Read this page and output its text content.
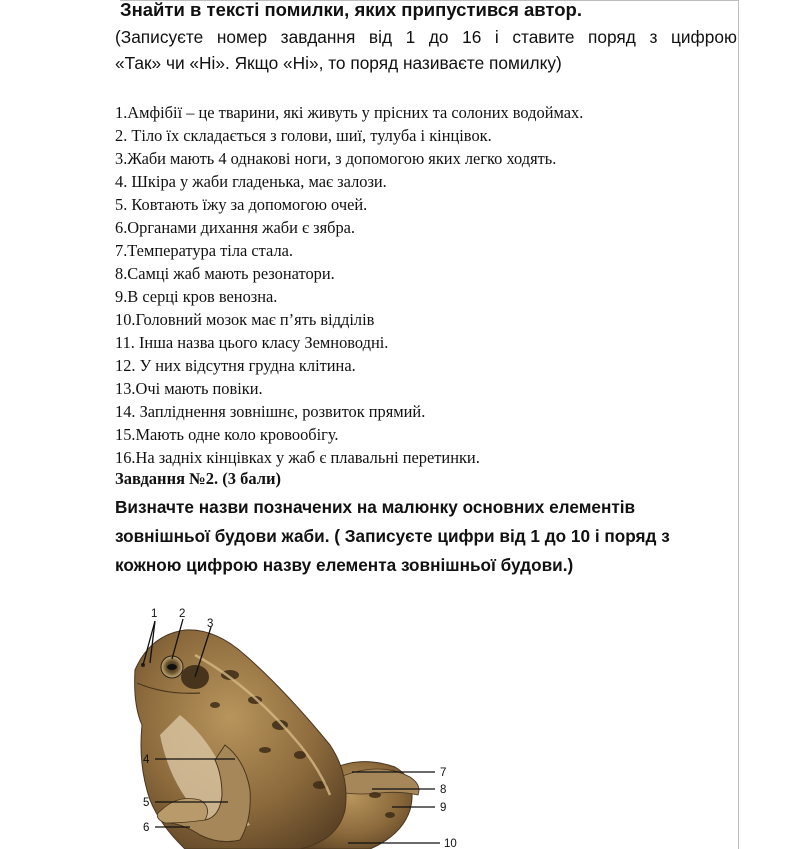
Знайти в тексті помилки, яких припустився автор.
(Записуєте номер завдання від 1 до 16 і ставите поряд з цифрою
«Так» чи «Ні». Якщо «Ні», то поряд називаєте помилку)
1.Амфібії – це тварини, які живуть у прісних та солоних водоймах.
2. Тіло їх складається з голови, шиї, тулуба і кінцівок.
3.Жаби мають 4 однакові ноги, з допомогою яких легко ходять.
4. Шкіра у жаби гладенька, має залози.
5. Ковтають їжу за допомогою очей.
6.Органами дихання жаби є зябра.
7.Температура тіла стала.
8.Самці жаб мають резонатори.
9.В серці кров венозна.
10.Головний мозок має п’ять відділів
11. Інша назва цього класу Земноводні.
12. У них відсутня грудна клітина.
13.Очі мають повіки.
14. Запліднення зовнішнє, розвиток прямий.
15.Мають одне коло кровообігу.
16.На задніх кінцівках у жаб є плавальні перетинки.
Завдання №2. (3 бали)
Визначте назви позначених на малюнку основних елементів
зовнішньої будови жаби. ( Записуєте цифри від 1 до 10 і поряд з
кожною цифрою назву елемента зовнішньої будови.)
1 2
3
4
5
6
7
8
9
10
